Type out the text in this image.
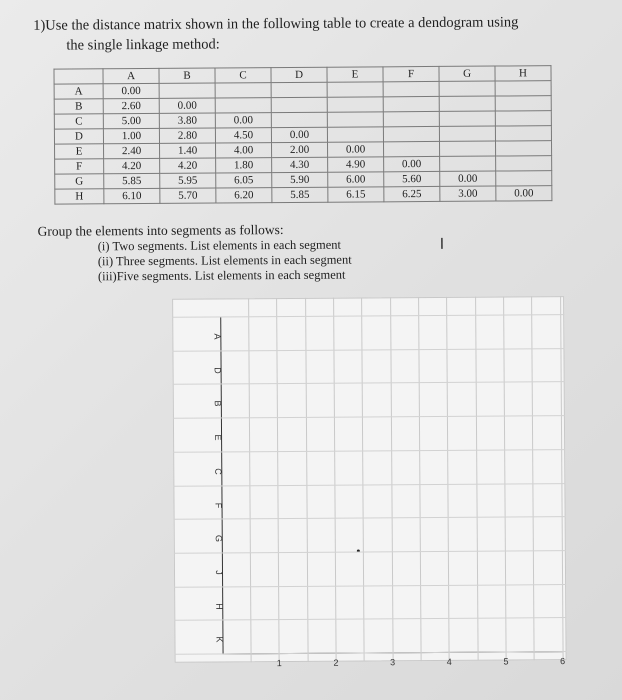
1)Use the distance matrix shown in the following table to create a dendogram using
the single linkage method:
	A	B	C	D	E	F	G	H
A	0.00							
B	2.60	0.00						
C	5.00	3.80	0.00					
D	1.00	2.80	4.50	0.00				
E	2.40	1.40	4.00	2.00	0.00			
F	4.20	4.20	1.80	4.30	4.90	0.00		
G	5.85	5.95	6.05	5.90	6.00	5.60	0.00	
H	6.10	5.70	6.20	5.85	6.15	6.25	3.00	0.00
Group the elements into segments as follows:
(i) Two segments. List elements in each segment
(ii) Three segments. List elements in each segment
(iii)Five segments. List elements in each segment
I
A
D
B
E
C
F
G
J
H
K
1	2	3	4	5	6
